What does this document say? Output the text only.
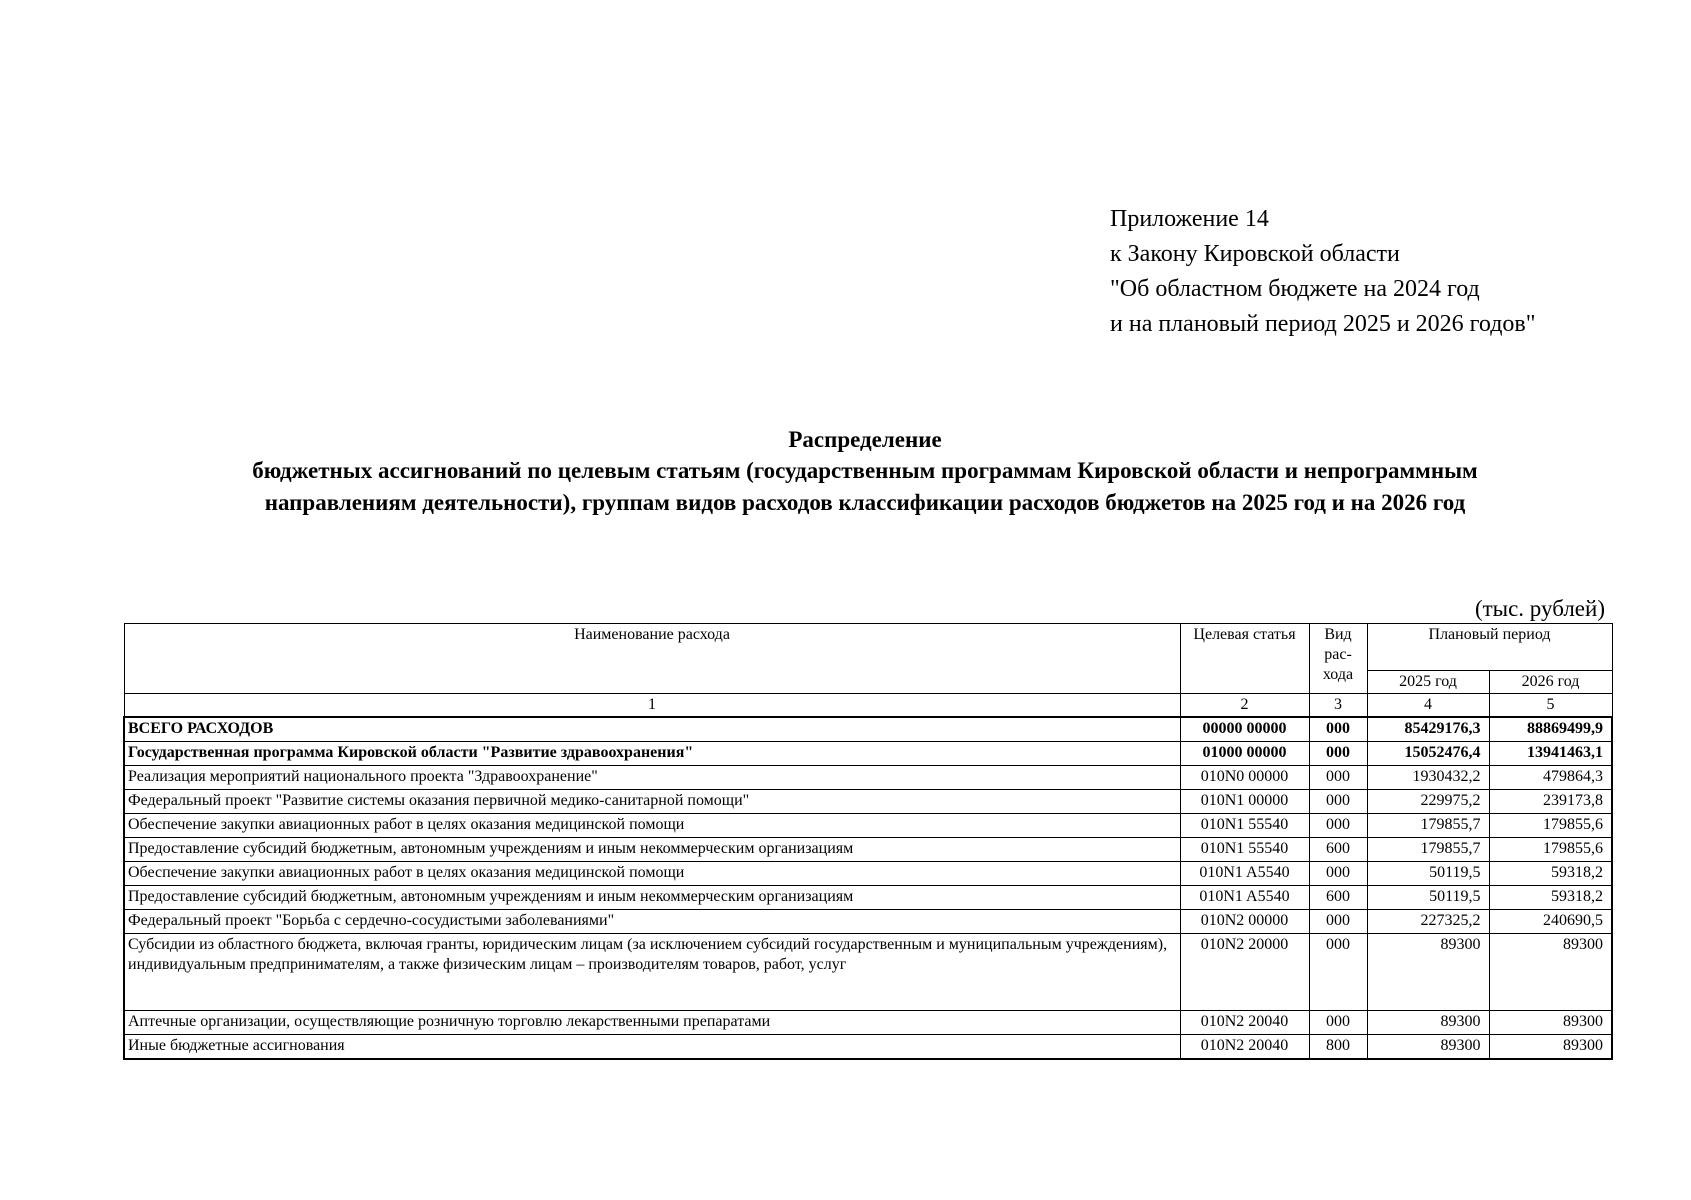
Приложение 14
к Закону Кировской области
"Об областном бюджете на 2024 год
и на плановый период 2025 и 2026 годов"
Распределение
бюджетных ассигнований по целевым статьям (государственным программам Кировской области и непрограммным
направлениям деятельности), группам видов расходов классификации расходов бюджетов на 2025 год и на 2026 год
(тыс. рублей)
Наименование расхода	Целевая статья	Вид рас-хода	Плановый период	
			2025 год	2026 год
1	2	3	4	5
ВСЕГО РАСХОДОВ	00000 00000	000	85429176,3	88869499,9
Государственная программа Кировской области "Развитие здравоохранения"	01000 00000	000	15052476,4	13941463,1
Реализация мероприятий национального проекта "Здравоохранение"	010N0 00000	000	1930432,2	479864,3
Федеральный проект "Развитие системы оказания первичной медико-санитарной помощи"	010N1 00000	000	229975,2	239173,8
Обеспечение закупки авиационных работ в целях оказания медицинской помощи	010N1 55540	000	179855,7	179855,6
Предоставление субсидий бюджетным, автономным учреждениям и иным некоммерческим организациям	010N1 55540	600	179855,7	179855,6
Обеспечение закупки авиационных работ в целях оказания медицинской помощи	010N1 A5540	000	50119,5	59318,2
Предоставление субсидий бюджетным, автономным учреждениям и иным некоммерческим организациям	010N1 A5540	600	50119,5	59318,2
Федеральный проект "Борьба с сердечно-сосудистыми заболеваниями"	010N2 00000	000	227325,2	240690,5
Субсидии из областного бюджета, включая гранты, юридическим лицам (за исключением субсидий государственным и муниципальным учреждениям), индивидуальным предпринимателям, а также физическим лицам – производителям товаров, работ, услуг	010N2 20000	000	89300	89300
Аптечные организации, осуществляющие розничную торговлю лекарственными препаратами	010N2 20040	000	89300	89300
Иные бюджетные ассигнования	010N2 20040	800	89300	89300
